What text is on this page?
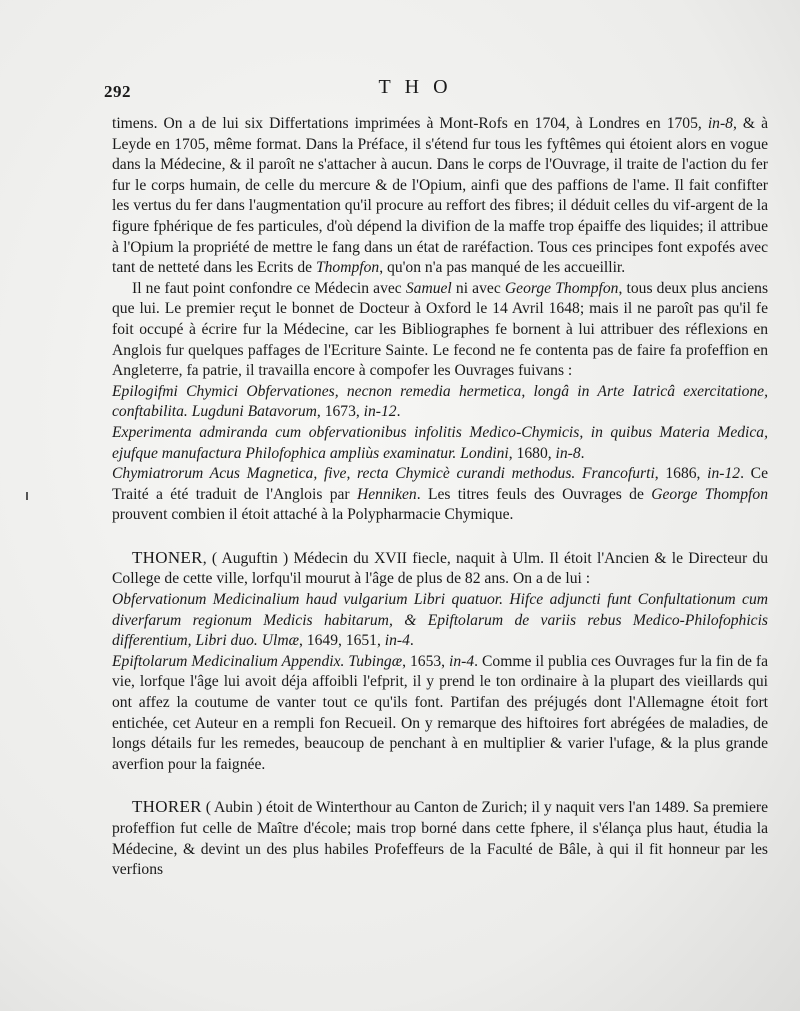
292	THO

timens. On a de lui six Differtations imprimées à Mont-Rofs en 1704, à Londres en 1705, in-8, & à Leyde en 1705, même format. Dans la Préface, il s'étend fur tous les fyftêmes qui étoient alors en vogue dans la Médecine, & il paroît ne s'attacher à aucun. Dans le corps de l'Ouvrage, il traite de l'action du fer fur le corps humain, de celle du mercure & de l'Opium, ainfi que des paffions de l'ame. Il fait confifter les vertus du fer dans l'augmentation qu'il procure au reffort des fibres; il déduit celles du vif-argent de la figure fphérique de fes particules, d'où dépend la divifion de la maffe trop épaiffe des liquides; il attribue à l'Opium la propriété de mettre le fang dans un état de raréfaction. Tous ces principes font expofés avec tant de netteté dans les Ecrits de Thompfon, qu'on n'a pas manqué de les accueillir.

Il ne faut point confondre ce Médecin avec Samuel ni avec George Thompfon, tous deux plus anciens que lui. Le premier reçut le bonnet de Docteur à Oxford le 14 Avril 1648; mais il ne paroît pas qu'il fe foit occupé à écrire fur la Médecine, car les Bibliographes fe bornent à lui attribuer des réflexions en Anglois fur quelques paffages de l'Ecriture Sainte. Le fecond ne fe contenta pas de faire fa profeffion en Angleterre, fa patrie, il travailla encore à compofer les Ouvrages fuivans :

Epilogifmi Chymici Obfervationes, necnon remedia hermetica, longâ in Arte Iatricâ exercitatione, conftabilita. Lugduni Batavorum, 1673, in-12.

Experimenta admiranda cum obfervationibus infolitis Medico-Chymicis, in quibus Materia Medica, ejufque manufactura Philofophica ampliùs examinatur. Londini, 1680, in-8.

Chymiatrorum Acus Magnetica, five, recta Chymicè curandi methodus. Francofurti, 1686, in-12. Ce Traité a été traduit de l'Anglois par Henniken. Les titres feuls des Ouvrages de George Thompfon prouvent combien il étoit attaché à la Polypharmacie Chymique.

THONER, ( Auguftin ) Médecin du XVII fiecle, naquit à Ulm. Il étoit l'Ancien & le Directeur du College de cette ville, lorfqu'il mourut à l'âge de plus de 82 ans. On a de lui :

Obfervationum Medicinalium haud vulgarium Libri quatuor. Hifce adjuncti funt Confultationum cum diverfarum regionum Medicis habitarum, & Epiftolarum de variis rebus Medico-Philofophicis differentium, Libri duo. Ulmæ, 1649, 1651, in-4.

Epiftolarum Medicinalium Appendix. Tubingæ, 1653, in-4. Comme il publia ces Ouvrages fur la fin de fa vie, lorfque l'âge lui avoit déja affoibli l'efprit, il y prend le ton ordinaire à la plupart des vieillards qui ont affez la coutume de vanter tout ce qu'ils font. Partifan des préjugés dont l'Allemagne étoit fort entichée, cet Auteur en a rempli fon Recueil. On y remarque des hiftoires fort abrégées de maladies, de longs détails fur les remedes, beaucoup de penchant à en multiplier & varier l'ufage, & la plus grande averfion pour la faignée.

THORER ( Aubin ) étoit de Winterthour au Canton de Zurich; il y naquit vers l'an 1489. Sa premiere profeffion fut celle de Maître d'école; mais trop borné dans cette fphere, il s'élança plus haut, étudia la Médecine, & devint un des plus habiles Profeffeurs de la Faculté de Bâle, à qui il fit honneur par les verfions
